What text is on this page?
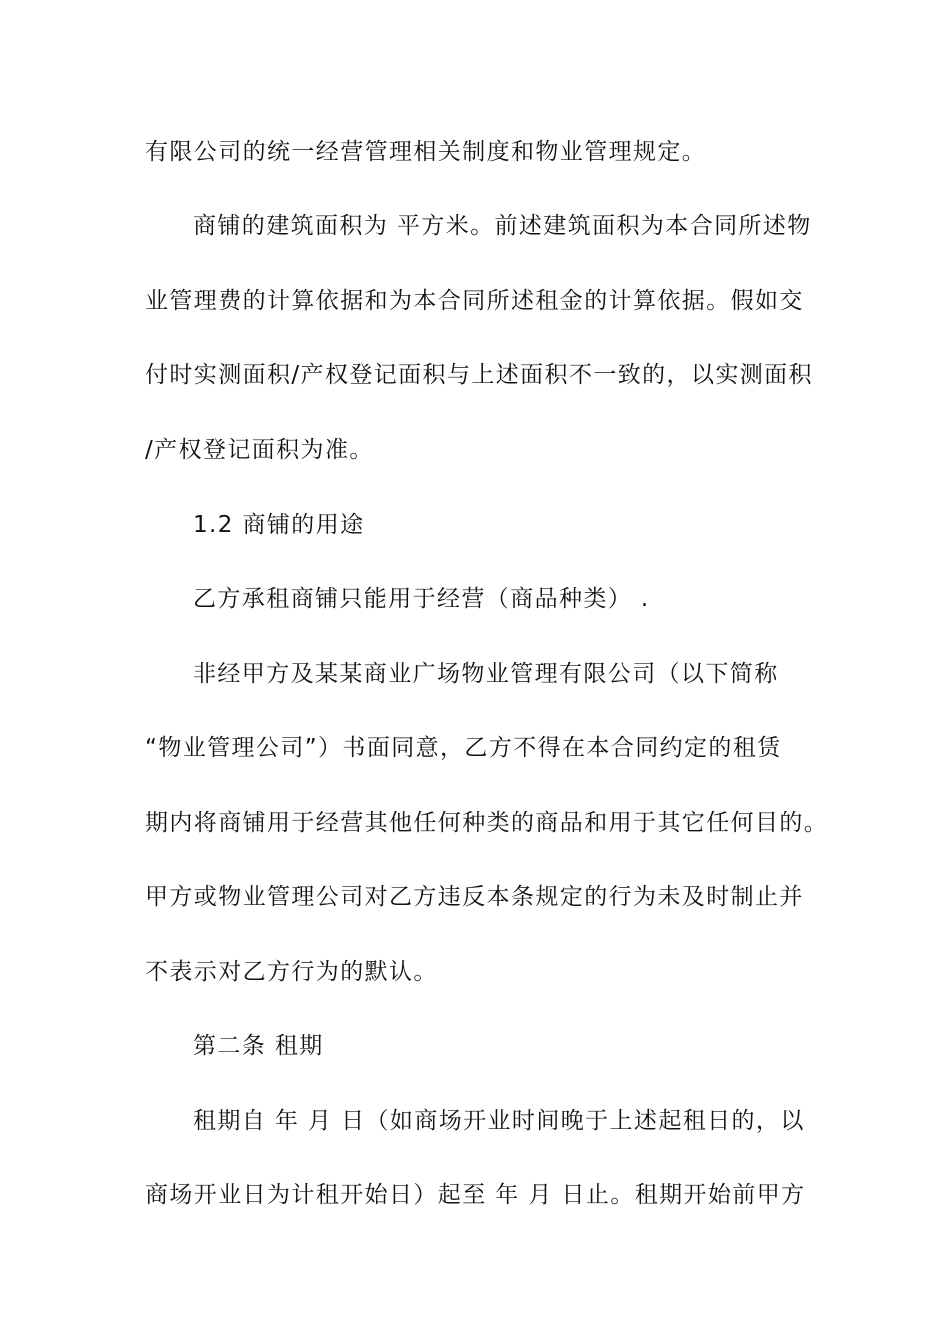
有限公司的统一经营管理相关制度和物业管理规定。
商铺的建筑面积为 平方米。前述建筑面积为本合同所述物
业管理费的计算依据和为本合同所述租金的计算依据。假如交
付时实测面积/产权登记面积与上述面积不一致的，以实测面积
/产权登记面积为准。
1.2 商铺的用途
乙方承租商铺只能用于经营（商品种类） .
非经甲方及某某商业广场物业管理有限公司（以下简称
“物业管理公司”）书面同意，乙方不得在本合同约定的租赁
期内将商铺用于经营其他任何种类的商品和用于其它任何目的。
甲方或物业管理公司对乙方违反本条规定的行为未及时制止并
不表示对乙方行为的默认。
第二条 租期
租期自 年 月 日（如商场开业时间晚于上述起租日的，以
商场开业日为计租开始日）起至 年 月 日止。租期开始前甲方
